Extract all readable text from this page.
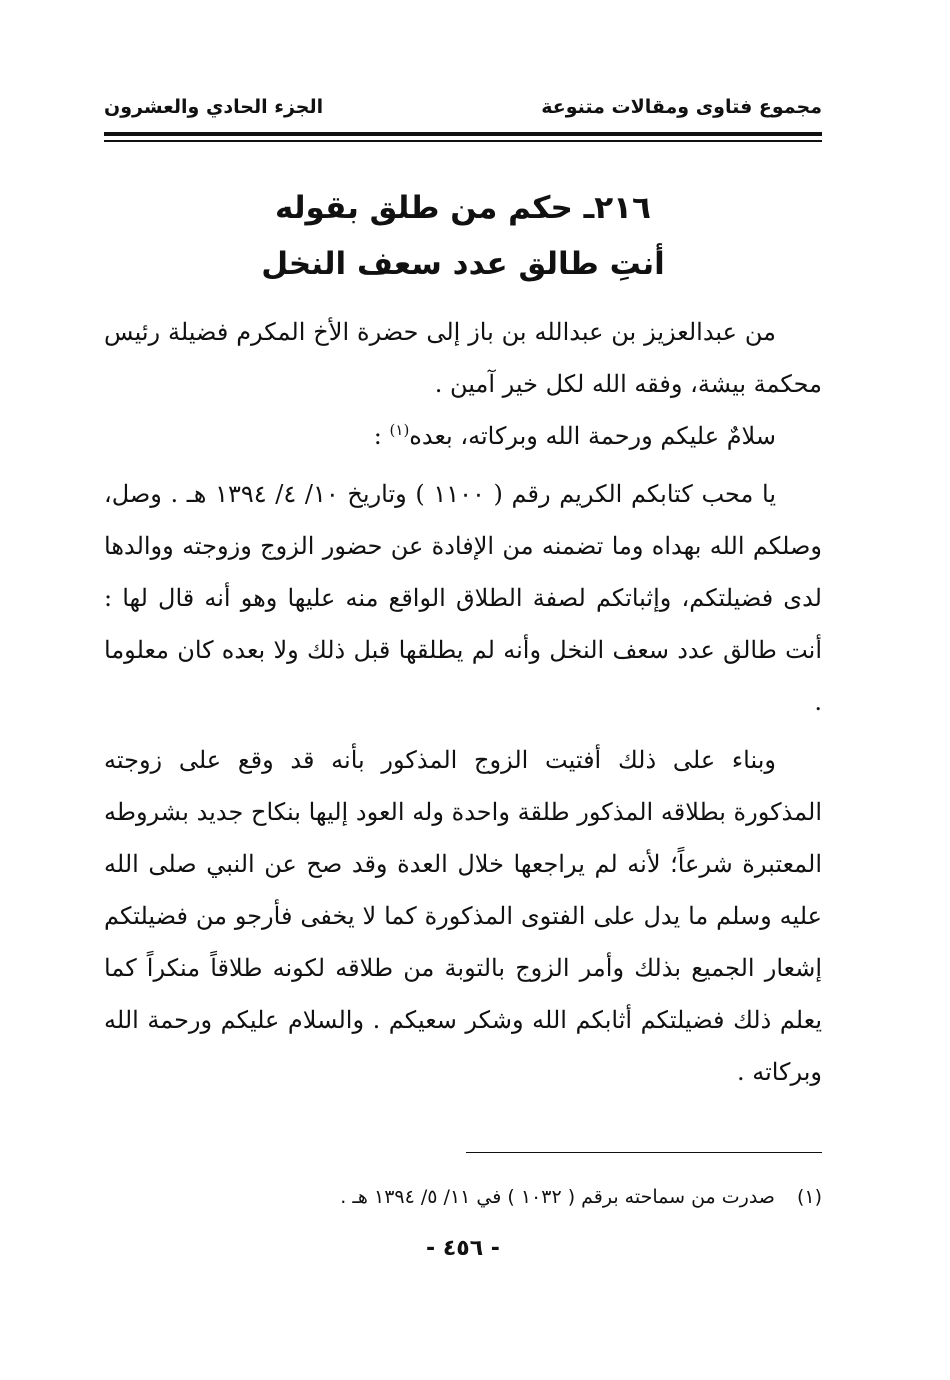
مجموع فتاوى ومقالات متنوعة
الجزء الحادي والعشرون
٢١٦ـ حكم من طلق بقوله
أنتِ طالق عدد سعف النخل

من عبدالعزيز بن عبدالله بن باز إلى حضرة الأخ المكرم فضيلة رئيس محكمة بيشة، وفقه الله لكل خير آمين .

سلامٌ عليكم ورحمة الله وبركاته، بعده$^{(١)}$ :

يا محب كتابكم الكريم رقم ( ١١٠٠ ) وتاريخ ١٠/ ٤/ ١٣٩٤ هـ . وصل، وصلكم الله بهداه وما تضمنه من الإفادة عن حضور الزوج وزوجته ووالدها لدى فضيلتكم، وإثباتكم لصفة الطلاق الواقع منه عليها وهو أنه قال لها : أنت طالق عدد سعف النخل وأنه لم يطلقها قبل ذلك ولا بعده كان معلوما .

وبناء على ذلك أفتيت الزوج المذكور بأنه قد وقع على زوجته المذكورة بطلاقه المذكور طلقة واحدة وله العود إليها بنكاح جديد بشروطه المعتبرة شرعاً؛ لأنه لم يراجعها خلال العدة وقد صح عن النبي صلى الله عليه وسلم ما يدل على الفتوى المذكورة كما لا يخفى فأرجو من فضيلتكم إشعار الجميع بذلك وأمر الزوج بالتوبة من طلاقه لكونه طلاقاً منكراً كما يعلم ذلك فضيلتكم أثابكم الله وشكر سعيكم . والسلام عليكم ورحمة الله وبركاته .

(١)صدرت من سماحته برقم ( ١٠٣٢ ) في ١١/ ٥/ ١٣٩٤ هـ .
- ٤٥٦ -
